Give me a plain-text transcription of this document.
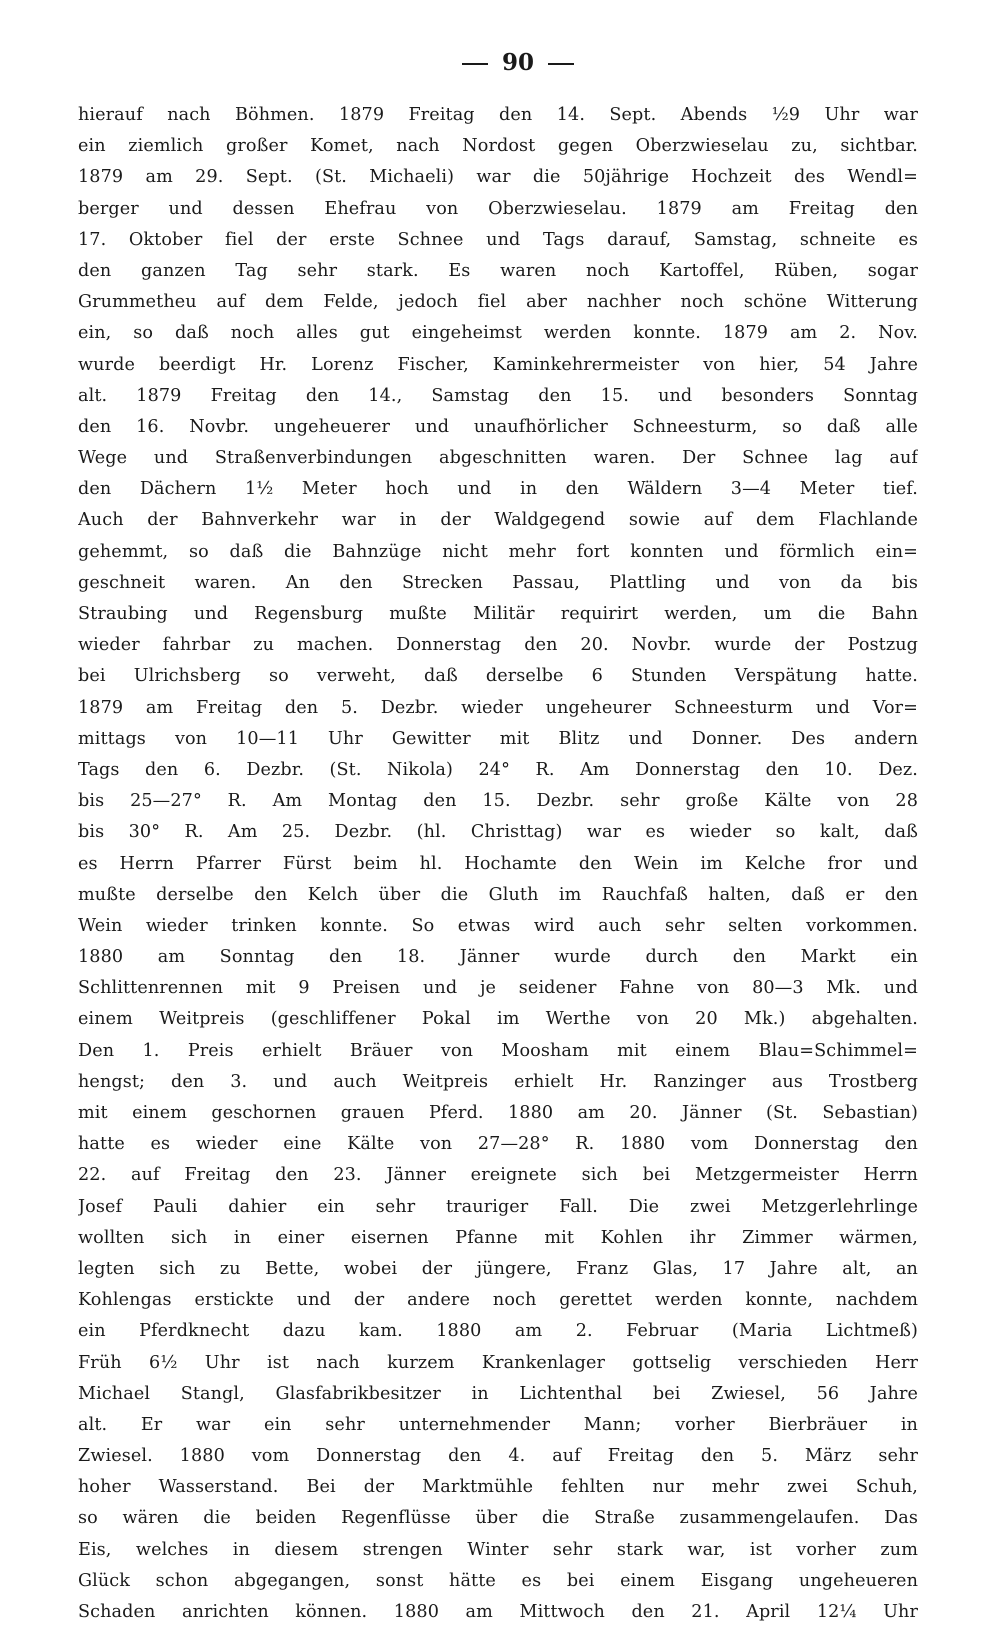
90
hierauf nach Böhmen. 1879 Freitag den 14. Sept. Abends ½9 Uhr war
ein ziemlich großer Komet, nach Nordost gegen Oberzwieselau zu, sichtbar.
1879 am 29. Sept. (St. Michaeli) war die 50jährige Hochzeit des Wendl=
berger und dessen Ehefrau von Oberzwieselau. 1879 am Freitag den
17. Oktober fiel der erste Schnee und Tags darauf, Samstag, schneite es
den ganzen Tag sehr stark. Es waren noch Kartoffel, Rüben, sogar
Grummetheu auf dem Felde, jedoch fiel aber nachher noch schöne Witterung
ein, so daß noch alles gut eingeheimst werden konnte. 1879 am 2. Nov.
wurde beerdigt Hr. Lorenz Fischer, Kaminkehrermeister von hier, 54 Jahre
alt. 1879 Freitag den 14., Samstag den 15. und besonders Sonntag
den 16. Novbr. ungeheuerer und unaufhörlicher Schneesturm, so daß alle
Wege und Straßenverbindungen abgeschnitten waren. Der Schnee lag auf
den Dächern 1½ Meter hoch und in den Wäldern 3—4 Meter tief.
Auch der Bahnverkehr war in der Waldgegend sowie auf dem Flachlande
gehemmt, so daß die Bahnzüge nicht mehr fort konnten und förmlich ein=
geschneit waren. An den Strecken Passau, Plattling und von da bis
Straubing und Regensburg mußte Militär requirirt werden, um die Bahn
wieder fahrbar zu machen. Donnerstag den 20. Novbr. wurde der Postzug
bei Ulrichsberg so verweht, daß derselbe 6 Stunden Verspätung hatte.
1879 am Freitag den 5. Dezbr. wieder ungeheurer Schneesturm und Vor=
mittags von 10—11 Uhr Gewitter mit Blitz und Donner. Des andern
Tags den 6. Dezbr. (St. Nikola) 24° R. Am Donnerstag den 10. Dez.
bis 25—27° R. Am Montag den 15. Dezbr. sehr große Kälte von 28
bis 30° R. Am 25. Dezbr. (hl. Christtag) war es wieder so kalt, daß
es Herrn Pfarrer Fürst beim hl. Hochamte den Wein im Kelche fror und
mußte derselbe den Kelch über die Gluth im Rauchfaß halten, daß er den
Wein wieder trinken konnte. So etwas wird auch sehr selten vorkommen.
1880 am Sonntag den 18. Jänner wurde durch den Markt ein
Schlittenrennen mit 9 Preisen und je seidener Fahne von 80—3 Mk. und
einem Weitpreis (geschliffener Pokal im Werthe von 20 Mk.) abgehalten.
Den 1. Preis erhielt Bräuer von Moosham mit einem Blau=Schimmel=
hengst; den 3. und auch Weitpreis erhielt Hr. Ranzinger aus Trostberg
mit einem geschornen grauen Pferd. 1880 am 20. Jänner (St. Sebastian)
hatte es wieder eine Kälte von 27—28° R. 1880 vom Donnerstag den
22. auf Freitag den 23. Jänner ereignete sich bei Metzgermeister Herrn
Josef Pauli dahier ein sehr trauriger Fall. Die zwei Metzgerlehrlinge
wollten sich in einer eisernen Pfanne mit Kohlen ihr Zimmer wärmen,
legten sich zu Bette, wobei der jüngere, Franz Glas, 17 Jahre alt, an
Kohlengas erstickte und der andere noch gerettet werden konnte, nachdem
ein Pferdknecht dazu kam. 1880 am 2. Februar (Maria Lichtmeß)
Früh 6½ Uhr ist nach kurzem Krankenlager gottselig verschieden Herr
Michael Stangl, Glasfabrikbesitzer in Lichtenthal bei Zwiesel, 56 Jahre
alt. Er war ein sehr unternehmender Mann; vorher Bierbräuer in
Zwiesel. 1880 vom Donnerstag den 4. auf Freitag den 5. März sehr
hoher Wasserstand. Bei der Marktmühle fehlten nur mehr zwei Schuh,
so wären die beiden Regenflüsse über die Straße zusammengelaufen. Das
Eis, welches in diesem strengen Winter sehr stark war, ist vorher zum
Glück schon abgegangen, sonst hätte es bei einem Eisgang ungeheueren
Schaden anrichten können. 1880 am Mittwoch den 21. April 12¼ Uhr
